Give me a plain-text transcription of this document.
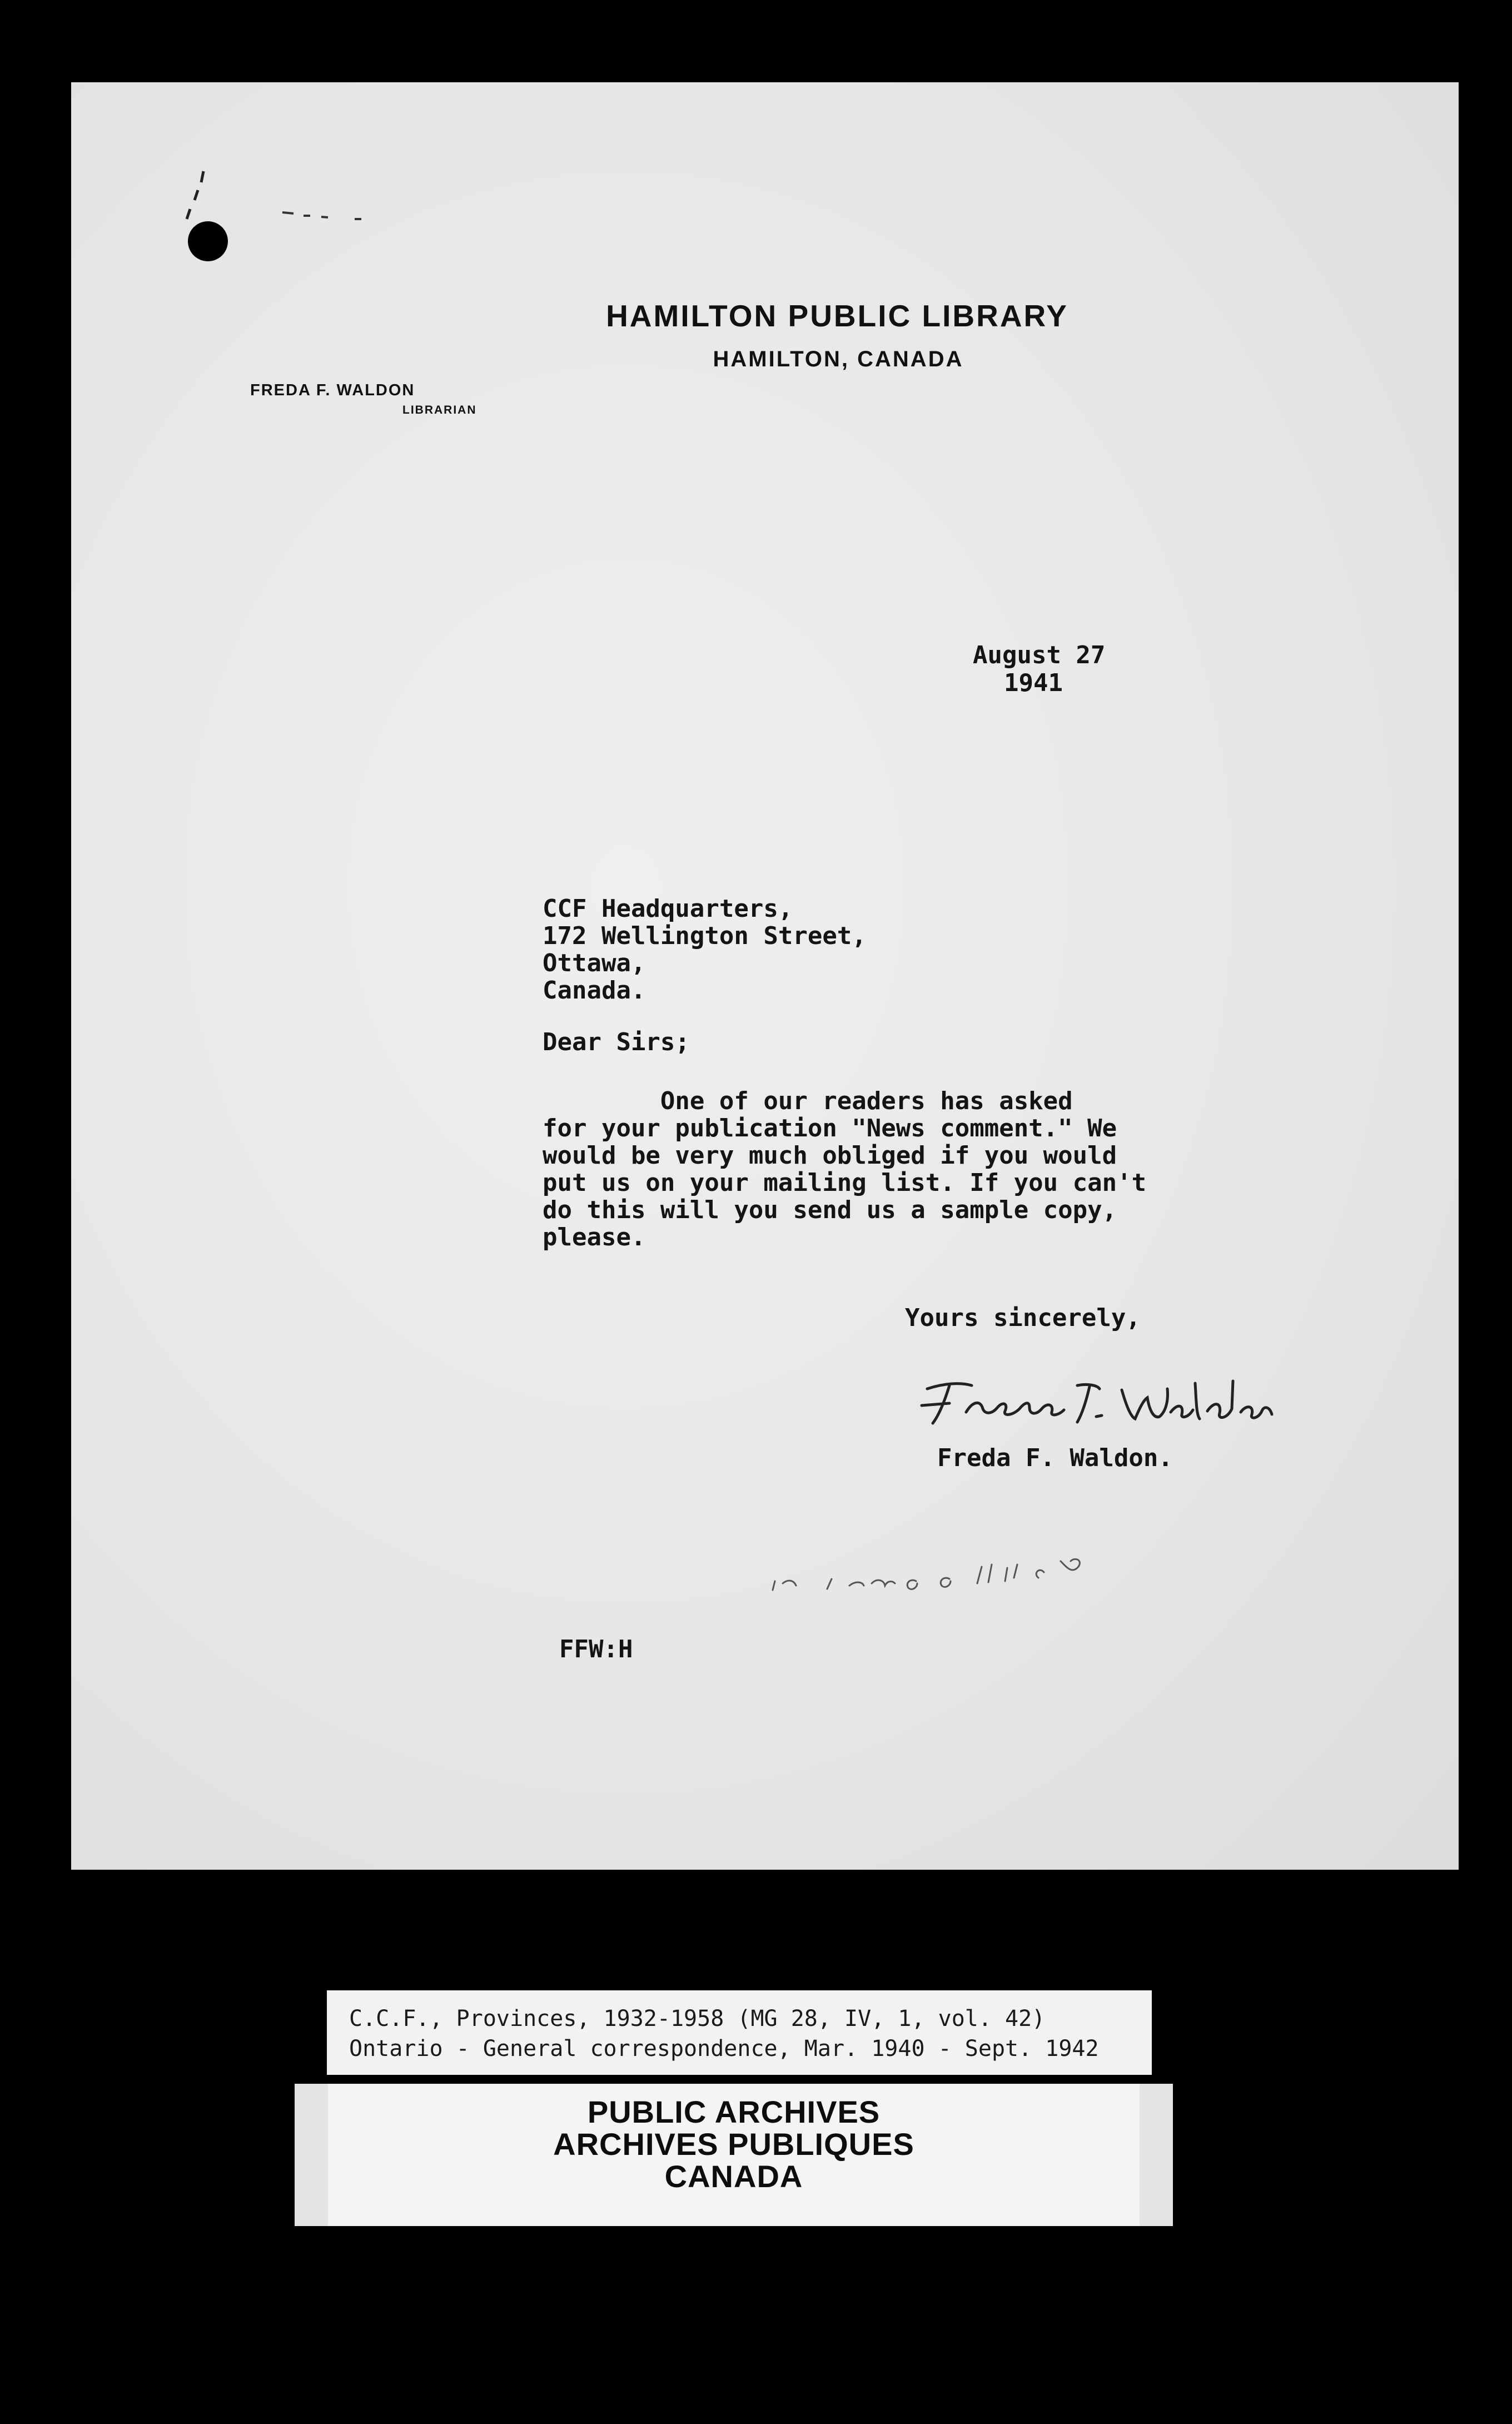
HAMILTON PUBLIC LIBRARY
HAMILTON, CANADA
FREDA F. WALDON
LIBRARIAN
August 27
1941
CCF Headquarters,
172 Wellington Street,
Ottawa,
Canada.
Dear Sirs;
One of our readers has asked
for your publication "News comment." We
would be very much obliged if you would
put us on your mailing list. If you can't
do this will you send us a sample copy,
please.
Yours sincerely,
Freda F. Waldon.
FFW:H
C.C.F., Provinces, 1932-1958 (MG 28, IV, 1, vol. 42)
Ontario - General correspondence, Mar. 1940 - Sept. 1942
PUBLIC ARCHIVES
ARCHIVES PUBLIQUES
CANADA
